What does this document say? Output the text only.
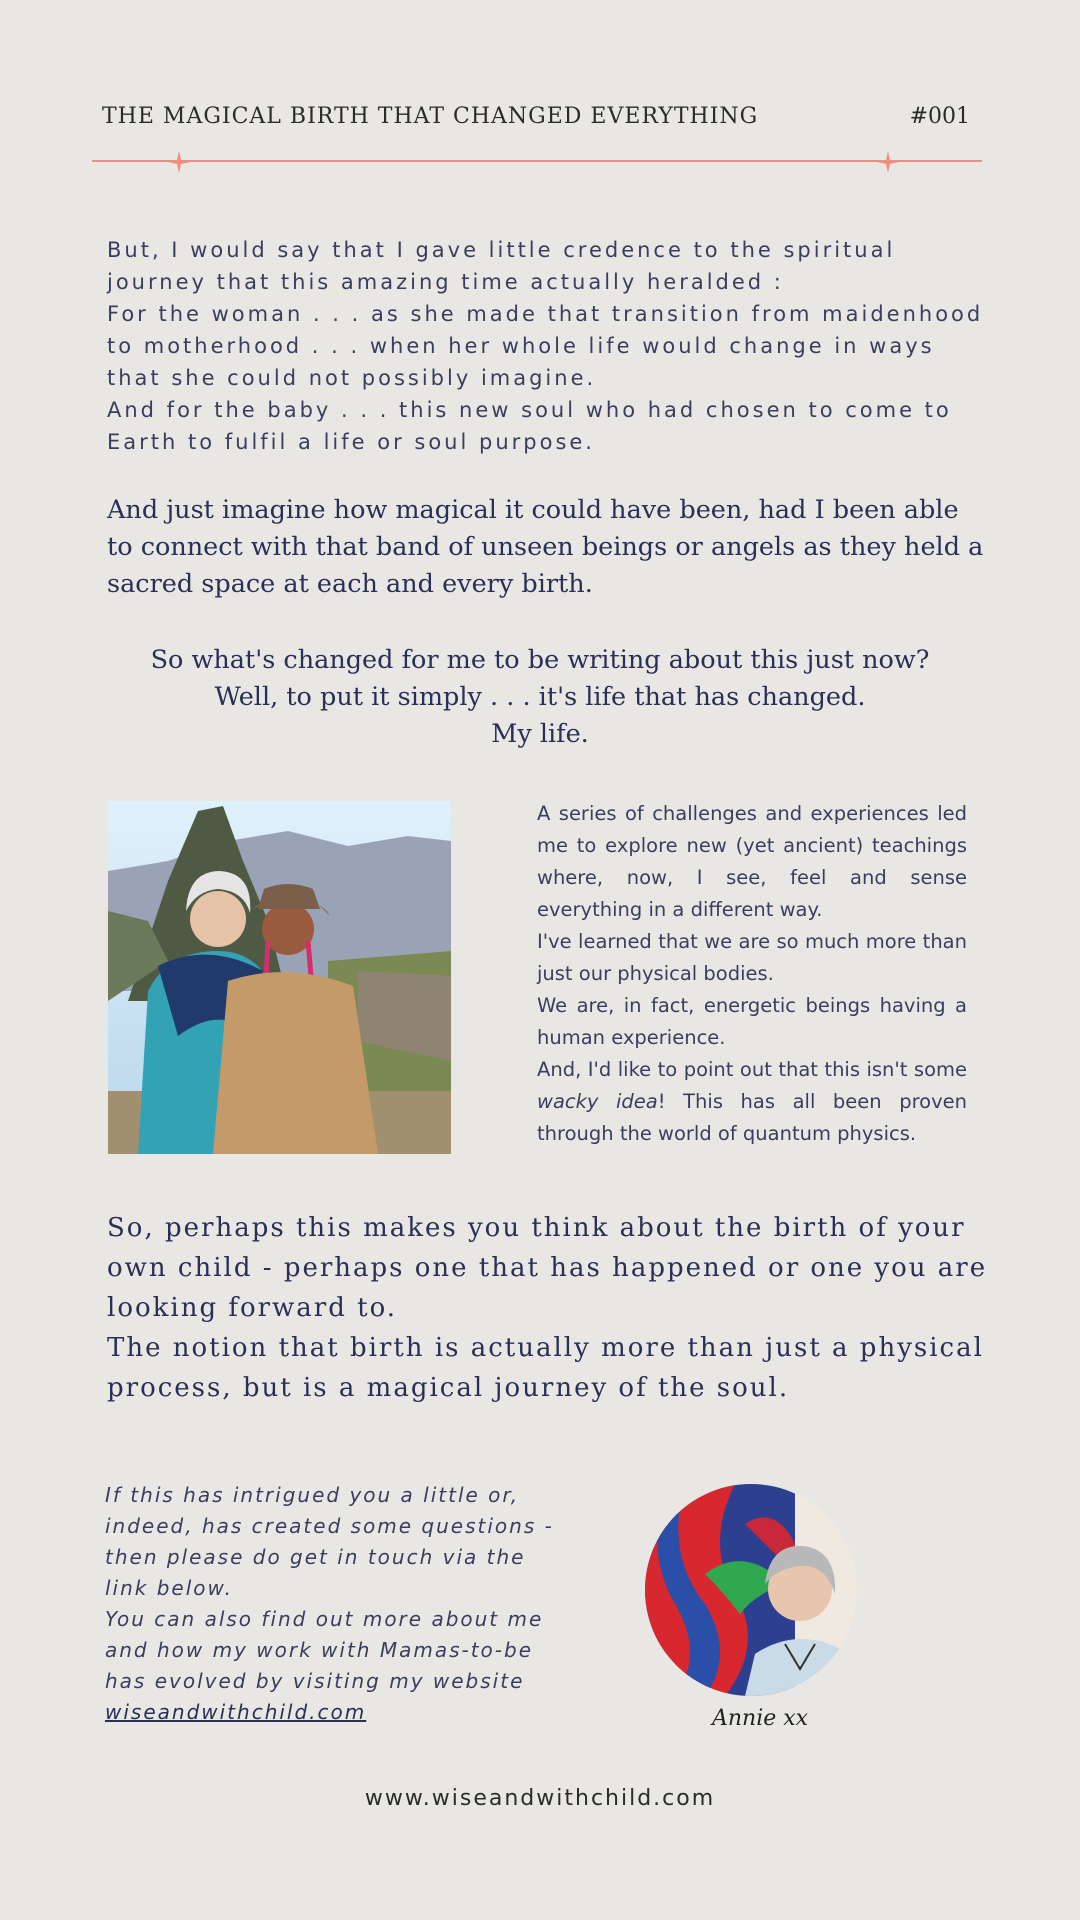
THE MAGICAL BIRTH THAT CHANGED EVERYTHING	#001

But, I would say that I gave little credence to the spiritual journey that this amazing time actually heralded :

For the woman . . . as she made that transition from maidenhood to motherhood . . . when her whole life would change in ways that she could not possibly imagine.

And for the baby . . . this new soul who had chosen to come to Earth to fulfil a life or soul purpose.

And just imagine how magical it could have been, had I been able to connect with that band of unseen beings or angels as they held a sacred space at each and every birth.
So what's changed for me to be writing about this just now?
Well, to put it simply . . . it's life that has changed.
My life.

A series of challenges and experiences led me to explore new (yet ancient) teachings where, now, I see, feel and sense everything in a different way.

I've learned that we are so much more than just our physical bodies.

We are, in fact, energetic beings having a human experience.

And, I'd like to point out that this isn't some wacky idea! This has all been proven through the world of quantum physics.

So, perhaps this makes you think about the birth of your own child - perhaps one that has happened or one you are looking forward to.

The notion that birth is actually more than just a physical process, but is a magical journey of the soul.

If this has intrigued you a little or, indeed, has created some questions - then please do get in touch via the link below.

You can also find out more about me and how my work with Mamas-to-be has evolved by visiting my website wiseandwithchild.com	Annie xx
www.wiseandwithchild.com
